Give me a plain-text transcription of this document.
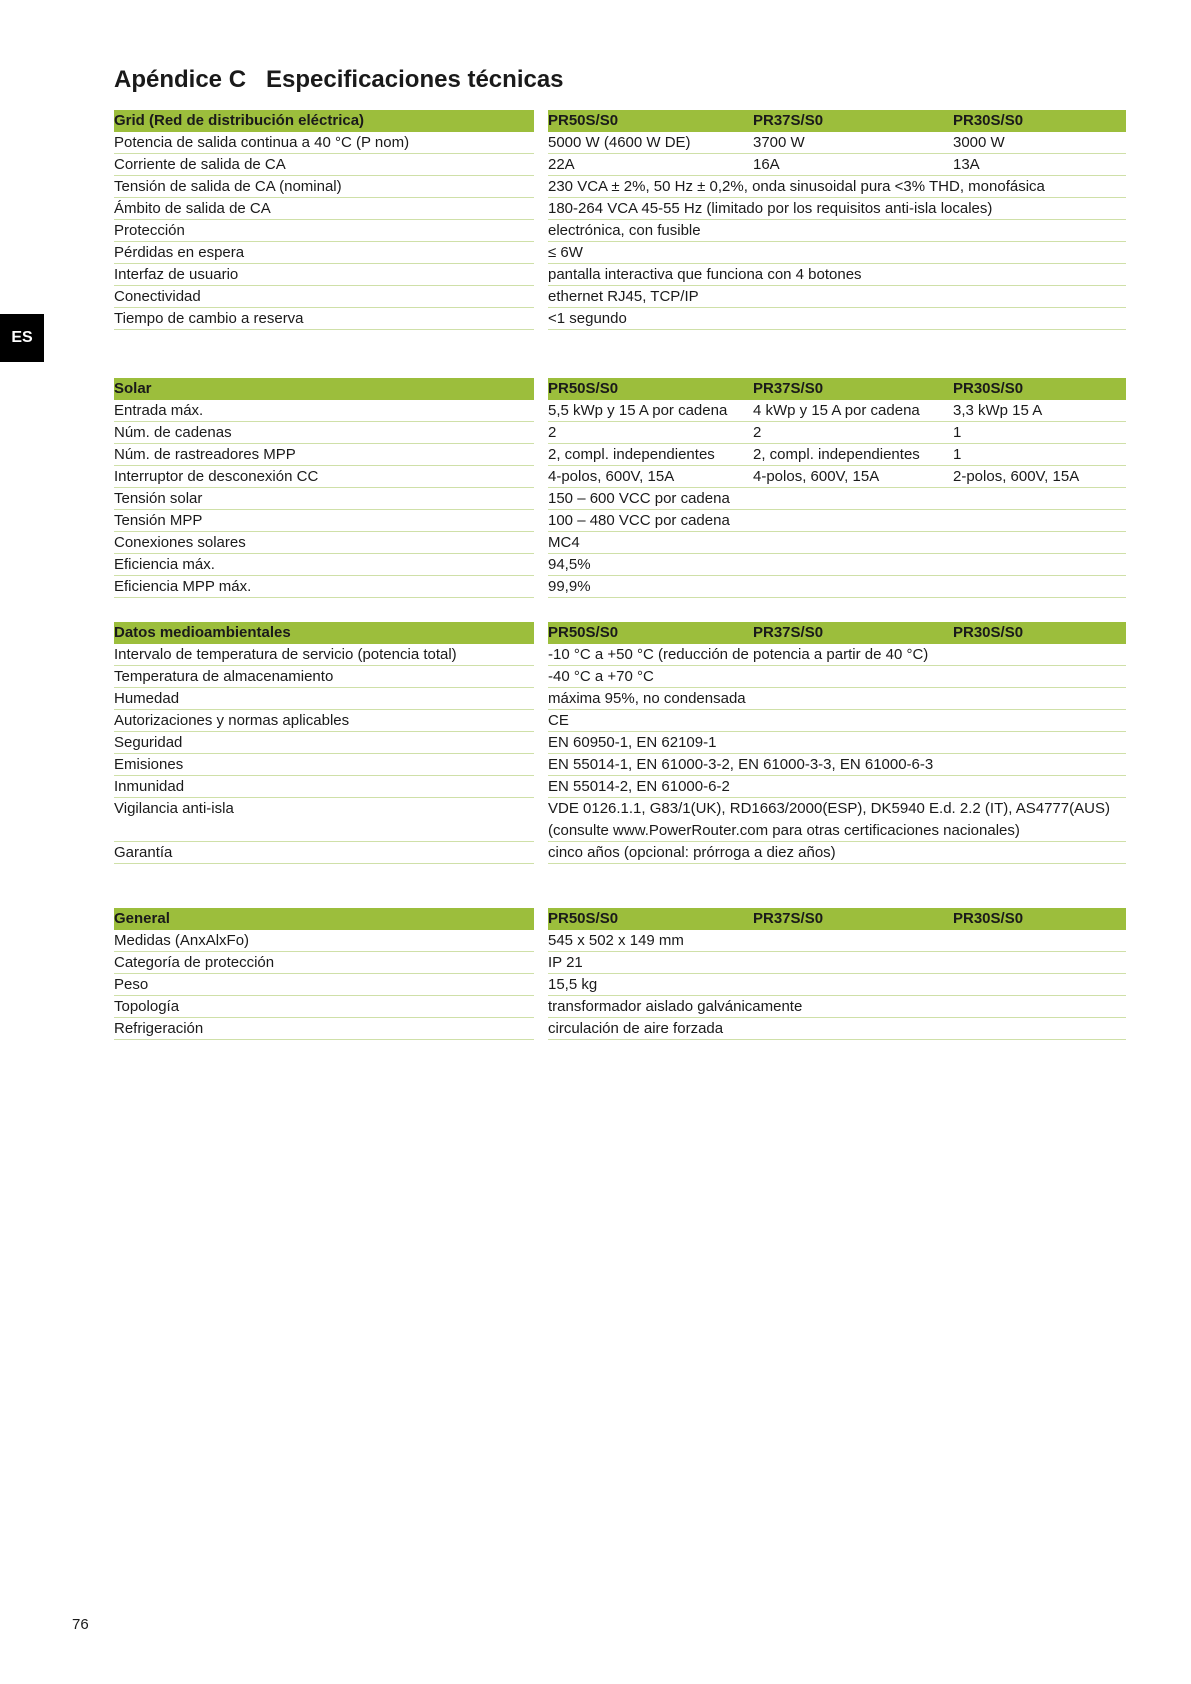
Apéndice C Especificaciones técnicas
ES
Grid (Red de distribución eléctrica)	PR50S/S0	PR37S/S0	PR30S/S0
Potencia de salida continua a 40 °C (P nom)	5000 W (4600 W DE)	3700 W	3000 W
Corriente de salida de CA	22A	16A	13A
Tensión de salida de CA (nominal)	230 VCA ± 2%, 50 Hz ± 0,2%, onda sinusoidal pura <3% THD, monofásica
Ámbito de salida de CA	180-264 VCA 45-55 Hz (limitado por los requisitos anti-isla locales)
Protección	electrónica, con fusible
Pérdidas en espera	≤ 6W
Interfaz de usuario	pantalla interactiva que funciona con 4 botones
Conectividad	ethernet RJ45, TCP/IP
Tiempo de cambio a reserva	<1 segundo
Solar	PR50S/S0	PR37S/S0	PR30S/S0
Entrada máx.	5,5 kWp y 15 A por cadena	4 kWp y 15 A por cadena	3,3 kWp 15 A
Núm. de cadenas	2	2	1
Núm. de rastreadores MPP	2, compl. independientes	2, compl. independientes	1
Interruptor de desconexión CC	4-polos, 600V, 15A	4-polos, 600V, 15A	2-polos, 600V, 15A
Tensión solar	150 – 600 VCC por cadena
Tensión MPP	100 – 480 VCC por cadena
Conexiones solares	MC4
Eficiencia máx.	94,5%
Eficiencia MPP máx.	99,9%
Datos medioambientales	PR50S/S0	PR37S/S0	PR30S/S0
Intervalo de temperatura de servicio (potencia total)	-10 °C a +50 °C (reducción de potencia a partir de 40 °C)
Temperatura de almacenamiento	-40 °C a +70 °C
Humedad	máxima 95%, no condensada
Autorizaciones y normas aplicables	CE
Seguridad	EN 60950-1, EN 62109-1
Emisiones	EN 55014-1, EN 61000-3-2, EN 61000-3-3, EN 61000-6-3
Inmunidad	EN 55014-2, EN 61000-6-2
Vigilancia anti-isla	VDE 0126.1.1, G83/1(UK), RD1663/2000(ESP), DK5940 E.d. 2.2 (IT), AS4777(AUS)
(consulte www.PowerRouter.com para otras certificaciones nacionales)
Garantía	cinco años (opcional: prórroga a diez años)
General	PR50S/S0	PR37S/S0	PR30S/S0
Medidas (AnxAlxFo)	545 x 502 x 149 mm
Categoría de protección	IP 21
Peso	15,5 kg
Topología	transformador aislado galvánicamente
Refrigeración	circulación de aire forzada
76
